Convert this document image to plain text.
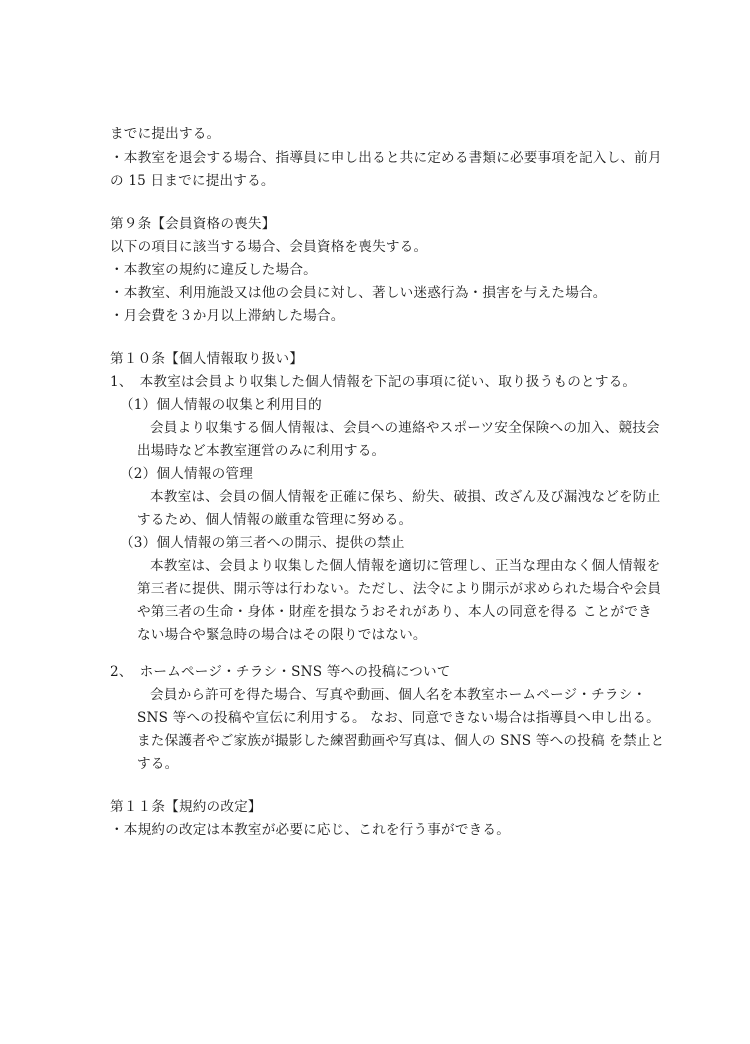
までに提出する。
・本教室を退会する場合、指導員に申し出ると共に定める書類に必要事項を記入し、前月
の 15 日までに提出する。
第９条【会員資格の喪失】
以下の項目に該当する場合、会員資格を喪失する。
・本教室の規約に違反した場合。
・本教室、利用施設又は他の会員に対し、著しい迷惑行為・損害を与えた場合。
・月会費を３か月以上滞納した場合。
第１０条【個人情報取り扱い】
1、　本教室は会員より収集した個人情報を下記の事項に従い、取り扱うものとする。
（1）個人情報の収集と利用目的
会員より収集する個人情報は、会員への連絡やスポーツ安全保険への加入、競技会
出場時など本教室運営のみに利用する。
（2）個人情報の管理
本教室は、会員の個人情報を正確に保ち、紛失、破損、改ざん及び漏洩などを防止
するため、個人情報の厳重な管理に努める。
（3）個人情報の第三者への開示、提供の禁止
本教室は、会員より収集した個人情報を適切に管理し、正当な理由なく個人情報を
第三者に提供、開示等は行わない。ただし、法令により開示が求められた場合や会員
や第三者の生命・身体・財産を損なうおそれがあり、本人の同意を得る ことができ
ない場合や緊急時の場合はその限りではない。
2、　ホームページ・チラシ・SNS 等への投稿について
会員から許可を得た場合、写真や動画、個人名を本教室ホームページ・チラシ・
SNS 等への投稿や宣伝に利用する。 なお、同意できない場合は指導員へ申し出る。
また保護者やご家族が撮影した練習動画や写真は、個人の SNS 等への投稿 を禁止と
する。
第１１条【規約の改定】
・本規約の改定は本教室が必要に応じ、これを行う事ができる。
